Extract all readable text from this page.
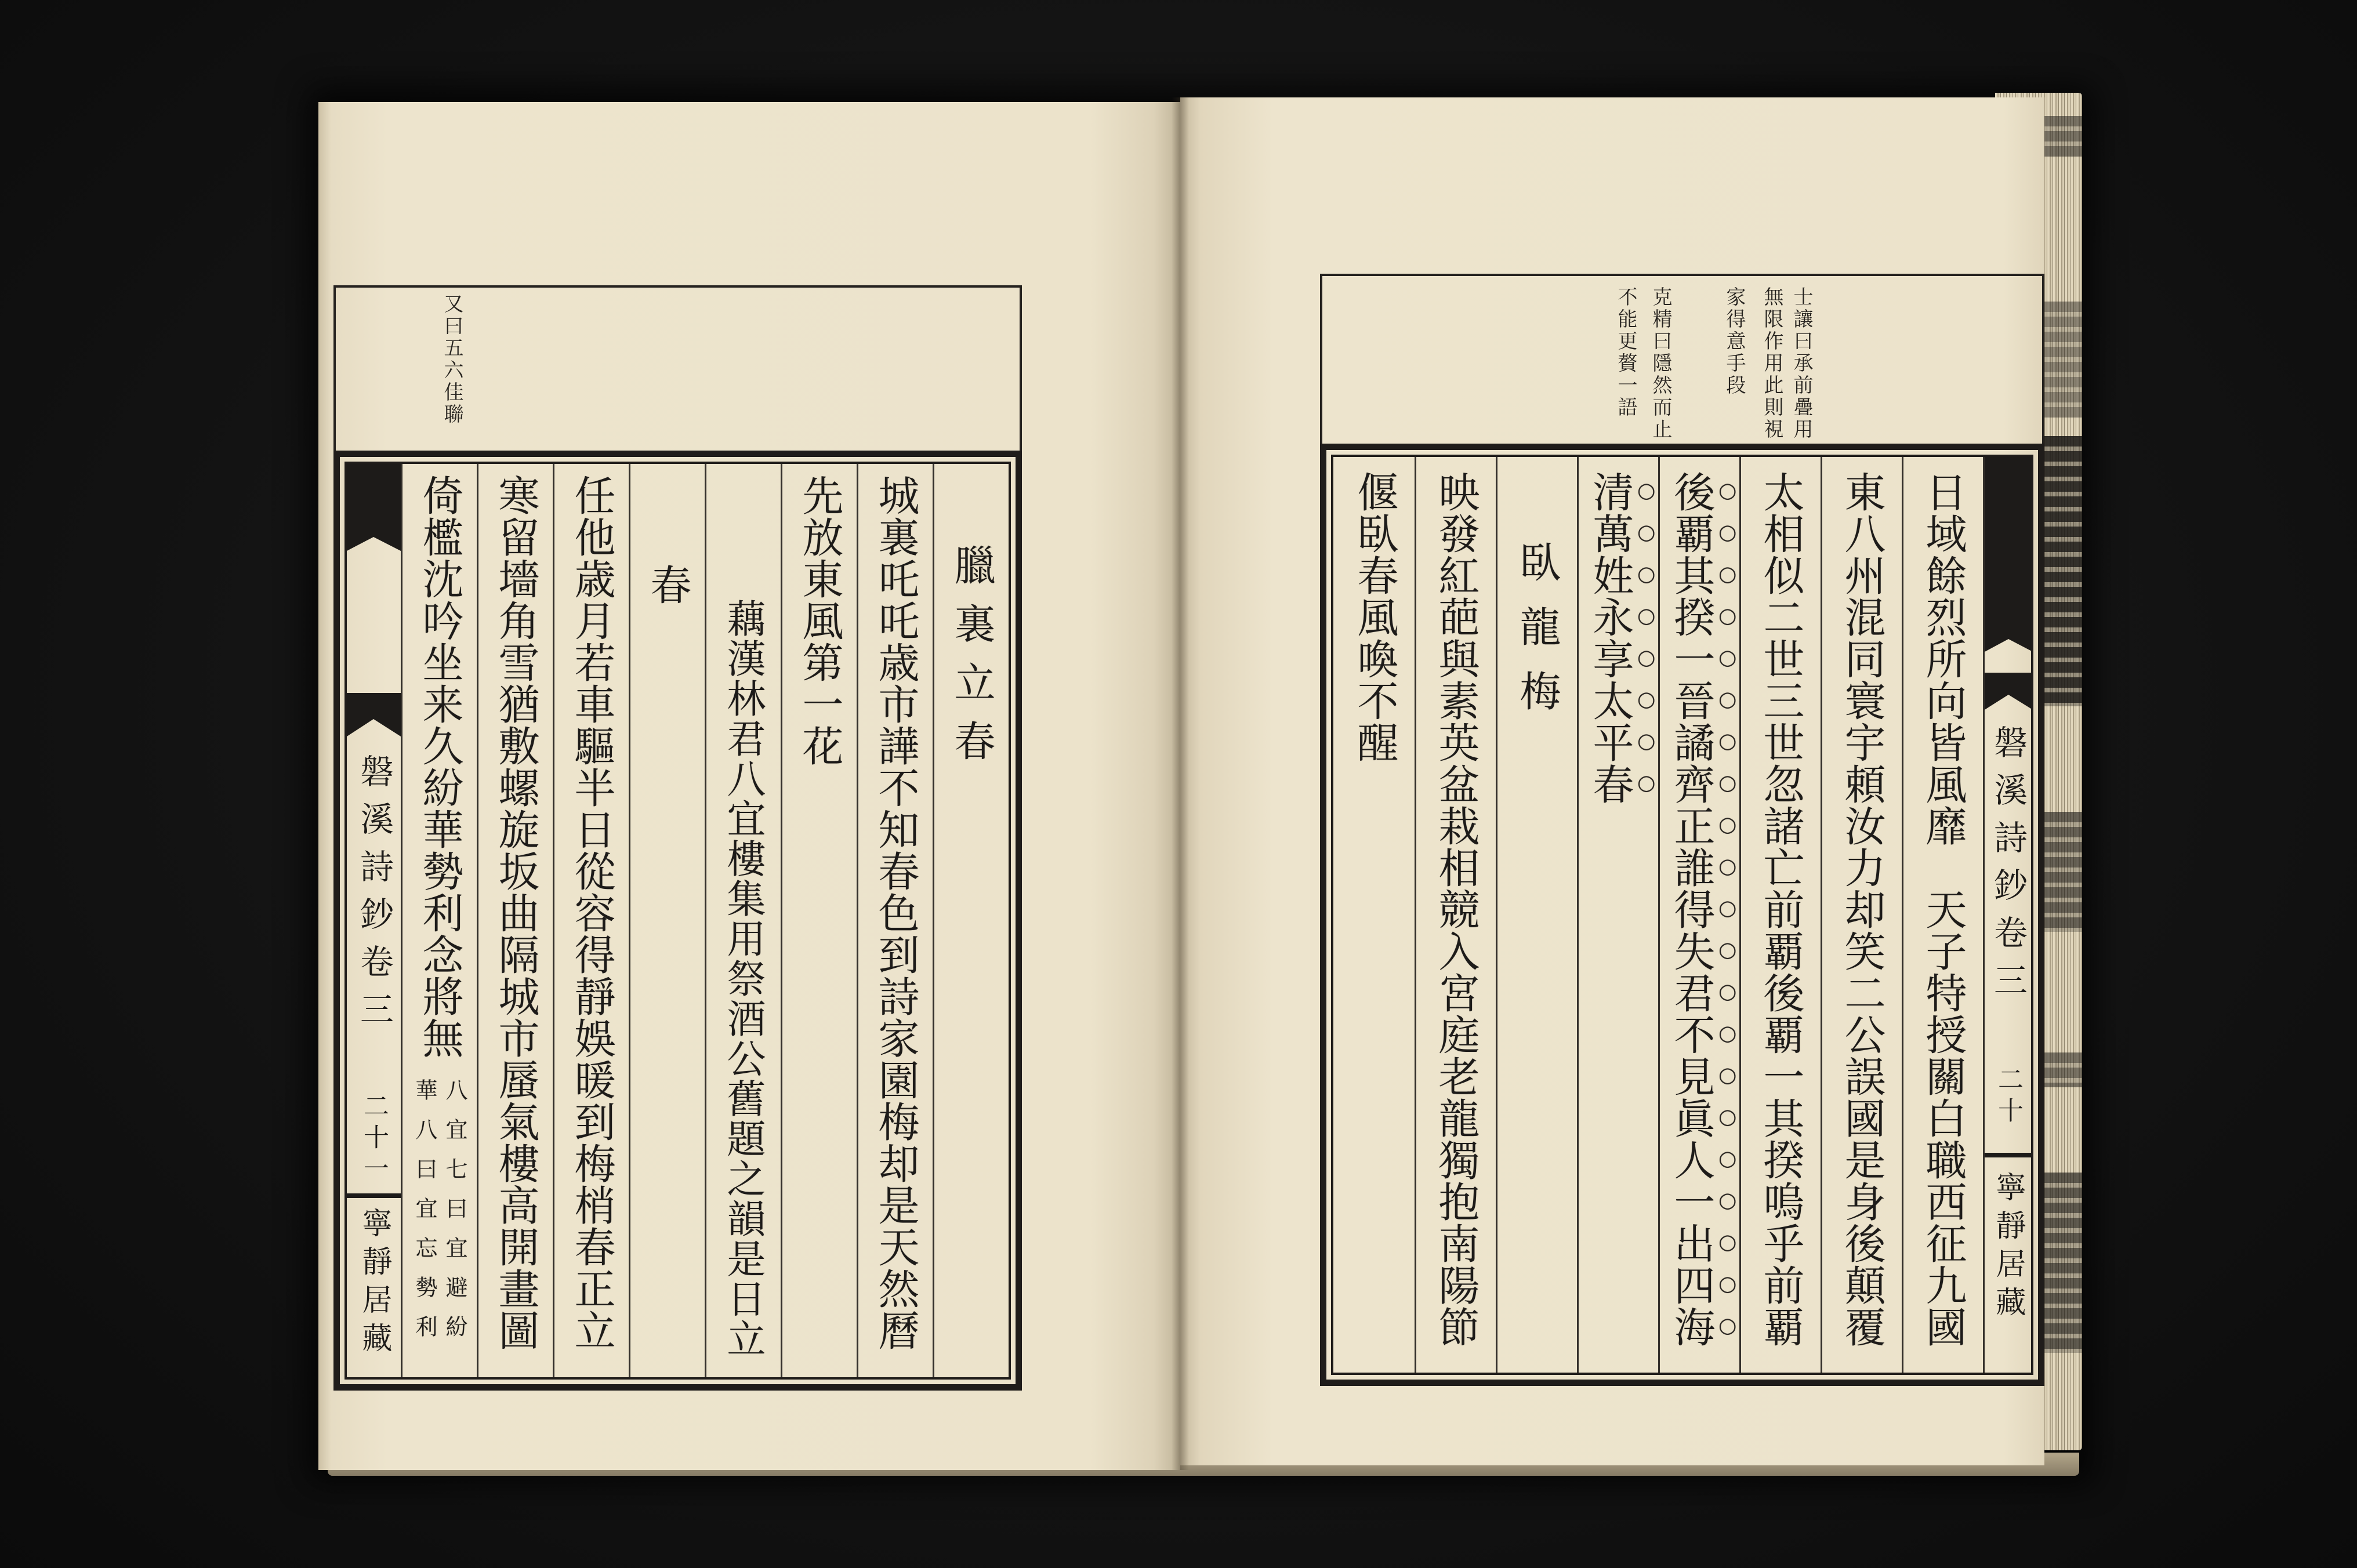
又曰五六佳聯
臘裏立春
城裏吒吒歳市譁不知春色到詩家園梅却是天然曆
先放東風第一花
藕漢林君八宜樓集用祭酒公舊題之韻是日立
春
任他歳月若車驅半日從容得靜娛暖到梅梢春正立
寒留墻角雪猶敷螺旋坂曲隔城市蜃氣樓高開畫圖
倚檻沈吟坐来久紛華勢利念將無
八宜七曰宜避紛
華八曰宜忘勢利
磐溪詩鈔卷三
二十一
寧靜居藏
士讓曰承前疊用
無限作用此則視
家得意手段
克精曰隱然而止
不能更贅一語
磐溪詩鈔卷三
二十
寧靜居藏
日域餘烈所向皆風靡　天子特授關白職西征九國
東八州混同寰宇頼汝力却笑二公誤國是身後顛覆
太相似二世三世忽諸亡前覇後覇一其揆嗚乎前覇
後覇其揆一晉譎齊正誰得失君不見眞人一出四海
清萬姓永享太平春
臥龍梅
映發紅葩與素英盆栽相競入宮庭老龍獨抱南陽節
偃臥春風喚不醒
